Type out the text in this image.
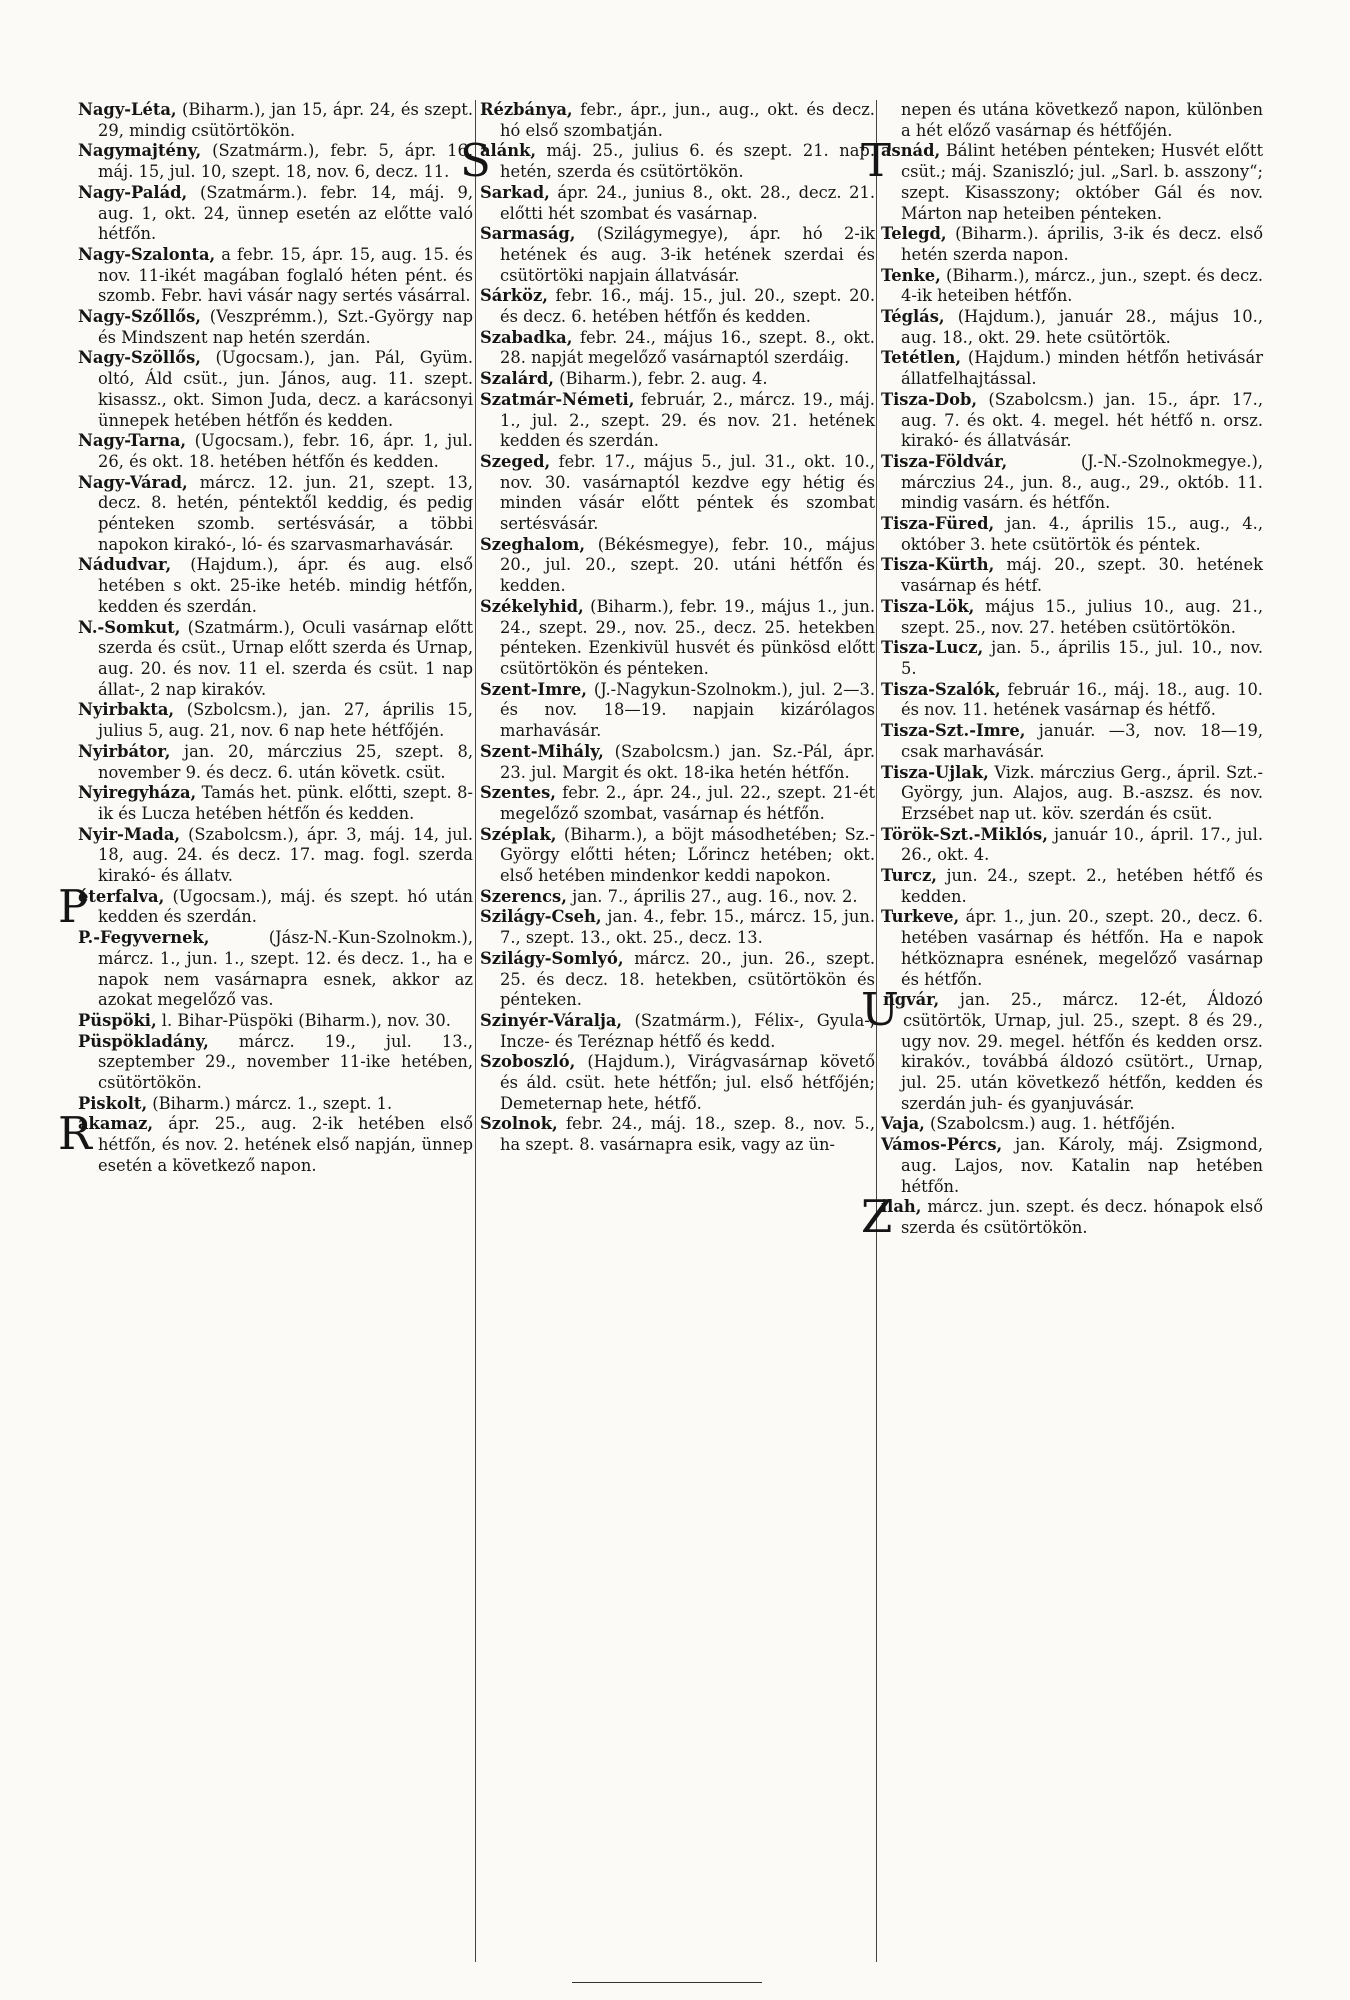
Nagy-Léta, (Biharm.), jan 15, ápr. 24, és szept. 29, mindig csütörtökön.

Nagymajtény, (Szatmárm.), febr. 5, ápr. 16, máj. 15, jul. 10, szept. 18, nov. 6, decz. 11.

Nagy-Palád, (Szatmárm.). febr. 14, máj. 9, aug. 1, okt. 24, ünnep esetén az előtte való hétfőn.

Nagy-Szalonta, a febr. 15, ápr. 15, aug. 15. és nov. 11-ikét magában foglaló héten pént. és szomb. Febr. havi vásár nagy sertés vásárral.

Nagy-Szőllős, (Veszprémm.), Szt.-György nap és Mindszent nap hetén szerdán.

Nagy-Szöllős, (Ugocsam.), jan. Pál, Gyüm. oltó, Áld csüt., jun. János, aug. 11. szept. kisassz., okt. Simon Juda, decz. a karácsonyi ünnepek hetében hétfőn és kedden.

Nagy-Tarna, (Ugocsam.), febr. 16, ápr. 1, jul. 26, és okt. 18. hetében hétfőn és kedden.

Nagy-Várad, márcz. 12. jun. 21, szept. 13, decz. 8. hetén, péntektől keddig, és pedig pénteken szomb. sertésvásár, a többi napokon kirakó-, ló- és szarvasmarhavásár.

Nádudvar, (Hajdum.), ápr. és aug. első hetében s okt. 25-ike hetéb. mindig hétfőn, kedden és szerdán.

N.-Somkut, (Szatmárm.), Oculi vasárnap előtt szerda és csüt., Urnap előtt szerda és Urnap, aug. 20. és nov. 11 el. szerda és csüt. 1 nap állat-, 2 nap kirakóv.

Nyirbakta, (Szbolcsm.), jan. 27, április 15, julius 5, aug. 21, nov. 6 nap hete hétfőjén.

Nyirbátor, jan. 20, márczius 25, szept. 8, november 9. és decz. 6. után követk. csüt.

Nyiregyháza, Tamás het. pünk. előtti, szept. 8-ik és Lucza hetében hétfőn és kedden.

Nyir-Mada, (Szabolcsm.), ápr. 3, máj. 14, jul. 18, aug. 24. és decz. 17. mag. fogl. szerda kirakó- és állatv.

P
éterfalva, (Ugocsam.), máj. és szept. hó után kedden és szerdán.

P.-Fegyvernek, (Jász-N.-Kun-Szolnokm.), márcz. 1., jun. 1., szept. 12. és decz. 1., ha e napok nem vasárnapra esnek, akkor az azokat megelőző vas.

Püspöki, l. Bihar-Püspöki (Biharm.), nov. 30.

Püspökladány, márcz. 19., jul. 13., szeptember 29., november 11-ike hetében, csütörtökön.

Piskolt, (Biharm.) márcz. 1., szept. 1.

R
akamaz, ápr. 25., aug. 2-ik hetében első hétfőn, és nov. 2. hetének első napján, ünnep esetén a következő napon.

Rézbánya, febr., ápr., jun., aug., okt. és decz. hó első szombatján.

S
alánk, máj. 25., julius 6. és szept. 21. nap. hetén, szerda és csütörtökön.

Sarkad, ápr. 24., junius 8., okt. 28., decz. 21. előtti hét szombat és vasárnap.

Sarmaság, (Szilágymegye), ápr. hó 2-ik hetének és aug. 3-ik hetének szerdai és csütörtöki napjain állatvásár.

Sárköz, febr. 16., máj. 15., jul. 20., szept. 20. és decz. 6. hetében hétfőn és kedden.

Szabadka, febr. 24., május 16., szept. 8., okt. 28. napját megelőző vasárnaptól szerdáig.

Szalárd, (Biharm.), febr. 2. aug. 4.

Szatmár-Németi, február, 2., márcz. 19., máj. 1., jul. 2., szept. 29. és nov. 21. hetének kedden és szerdán.

Szeged, febr. 17., május 5., jul. 31., okt. 10., nov. 30. vasárnaptól kezdve egy hétig és minden vásár előtt péntek és szombat sertésvásár.

Szeghalom, (Békésmegye), febr. 10., május 20., jul. 20., szept. 20. utáni hétfőn és kedden.

Székelyhid, (Biharm.), febr. 19., május 1., jun. 24., szept. 29., nov. 25., decz. 25. hetekben pénteken. Ezenkivül husvét és pünkösd előtt csütörtökön és pénteken.

Szent-Imre, (J.-Nagykun-Szolnokm.), jul. 2—3. és nov. 18—19. napjain kizárólagos marhavásár.

Szent-Mihály, (Szabolcsm.) jan. Sz.-Pál, ápr. 23. jul. Margit és okt. 18-ika hetén hétfőn.

Szentes, febr. 2., ápr. 24., jul. 22., szept. 21-ét megelőző szombat, vasárnap és hétfőn.

Széplak, (Biharm.), a böjt másodhetében; Sz.-György előtti héten; Lőrincz hetében; okt. első hetében mindenkor keddi napokon.

Szerencs, jan. 7., április 27., aug. 16., nov. 2.

Szilágy-Cseh, jan. 4., febr. 15., márcz. 15, jun. 7., szept. 13., okt. 25., decz. 13.

Szilágy-Somlyó, márcz. 20., jun. 26., szept. 25. és decz. 18. hetekben, csütörtökön és pénteken.

Szinyér-Váralja, (Szatmárm.), Félix-, Gyula-, Incze- és Teréznap hétfő és kedd.

Szoboszló, (Hajdum.), Virágvasárnap követő és áld. csüt. hete hétfőn; jul. első hétfőjén; Demeternap hete, hétfő.

Szolnok, febr. 24., máj. 18., szep. 8., nov. 5., ha szept. 8. vasárnapra esik, vagy az ün-

nepen és utána következő napon, különben a hét előző vasárnap és hétfőjén.

T
asnád, Bálint hetében pénteken; Husvét előtt csüt.; máj. Szaniszló; jul. „Sarl. b. asszony“; szept. Kisasszony; október Gál és nov. Márton nap heteiben pénteken.

Telegd, (Biharm.). április, 3-ik és decz. első hetén szerda napon.

Tenke, (Biharm.), márcz., jun., szept. és decz. 4-ik heteiben hétfőn.

Téglás, (Hajdum.), január 28., május 10., aug. 18., okt. 29. hete csütörtök.

Tetétlen, (Hajdum.) minden hétfőn hetivásár állatfelhajtással.

Tisza-Dob, (Szabolcsm.) jan. 15., ápr. 17., aug. 7. és okt. 4. megel. hét hétfő n. orsz. kirakó- és állatvásár.

Tisza-Földvár, (J.-N.-Szolnokmegye.), márczius 24., jun. 8., aug., 29., októb. 11. mindig vasárn. és hétfőn.

Tisza-Füred, jan. 4., április 15., aug., 4., október 3. hete csütörtök és péntek.

Tisza-Kürth, máj. 20., szept. 30. hetének vasárnap és hétf.

Tisza-Lök, május 15., julius 10., aug. 21., szept. 25., nov. 27. hetében csütörtökön.

Tisza-Lucz, jan. 5., április 15., jul. 10., nov. 5.

Tisza-Szalók, február 16., máj. 18., aug. 10. és nov. 11. hetének vasárnap és hétfő.

Tisza-Szt.-Imre, január. —3, nov. 18—19, csak marhavásár.

Tisza-Ujlak, Vizk. márczius Gerg., ápril. Szt.-György, jun. Alajos, aug. B.-aszsz. és nov. Erzsébet nap ut. köv. szerdán és csüt.

Török-Szt.-Miklós, január 10., ápril. 17., jul. 26., okt. 4.

Turcz, jun. 24., szept. 2., hetében hétfő és kedden.

Turkeve, ápr. 1., jun. 20., szept. 20., decz. 6. hetében vasárnap és hétfőn. Ha e napok hétköznapra esnének, megelőző vasárnap és hétfőn.

U
ngvár, jan. 25., márcz. 12-ét, Áldozó csütörtök, Urnap, jul. 25., szept. 8 és 29., ugy nov. 29. megel. hétfőn és kedden orsz. kirakóv., továbbá áldozó csütört., Urnap, jul. 25. után következő hétfőn, kedden és szerdán juh- és gyanjuvásár.

Vaja, (Szabolcsm.) aug. 1. hétfőjén.

Vámos-Pércs, jan. Károly, máj. Zsigmond, aug. Lajos, nov. Katalin nap hetében hétfőn.

Z
ilah, márcz. jun. szept. és decz. hónapok első szerda és csütörtökön.
